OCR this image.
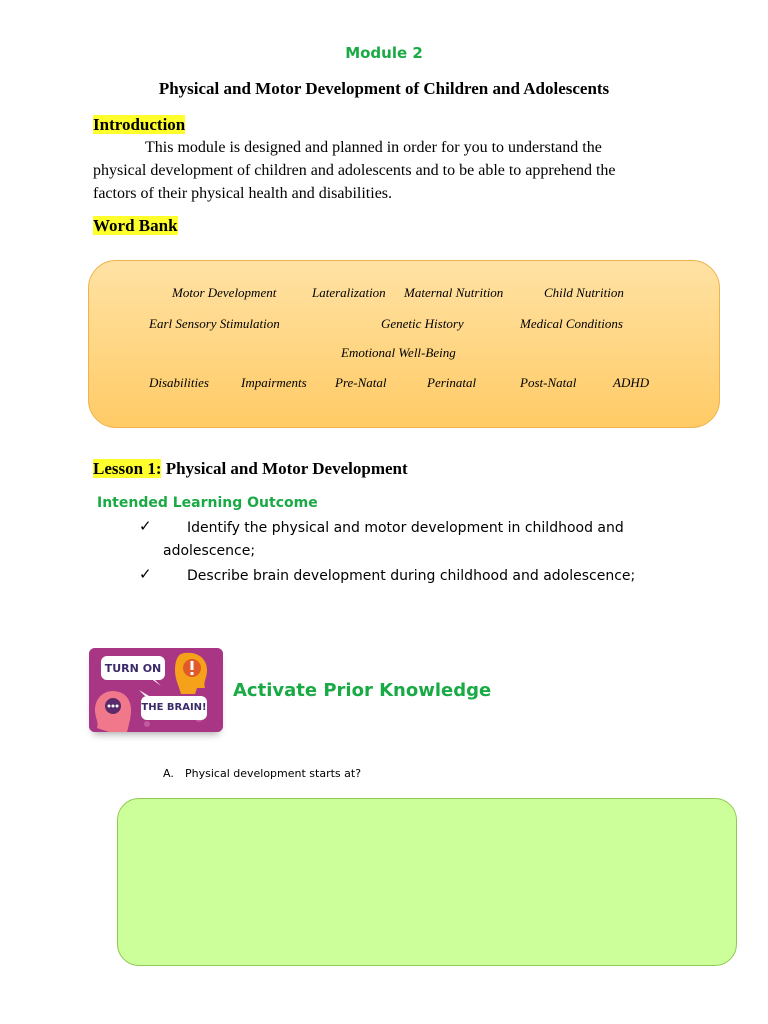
Module 2
Physical and Motor Development of Children and Adolescents
Introduction
This module is designed and planned in order for you to understand the
physical development of children and adolescents and to be able to apprehend the
factors of their physical health and disabilities.
Word Bank
Motor Development	Lateralization Maternal Nutrition	Child Nutrition
Earl Sensory Stimulation	Genetic History	Medical Conditions
Emotional Well-Being
Disabilities Impairments Pre-Natal	Perinatal	Post-Natal	ADHD
Lesson 1: Physical and Motor Development
Intended Learning Outcome
✓	Identify the physical and motor development in childhood and
adolescence;
✓	Describe brain development during childhood and adolescence;
TURN ON
THE BRAIN!
Activate Prior Knowledge
A. Physical development starts at?
